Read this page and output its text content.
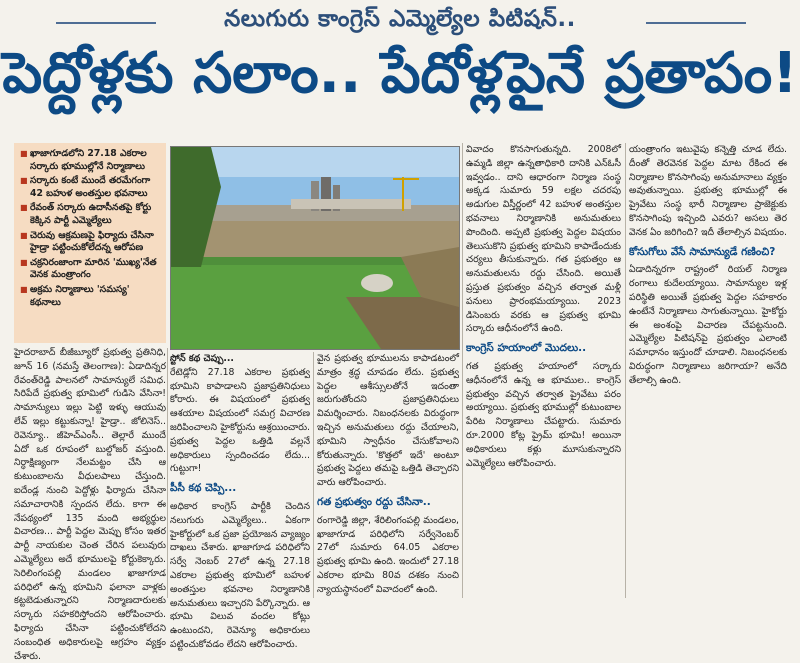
నలుగురు కాంగ్రెస్ ఎమ్మెల్యేల పిటిషన్..
పెద్దోళ్లకు సలాం.. పేదోళ్లపైనే ప్రతాపం!
■ ఖాజాగూడలోని 27.18 ఎకరాల సర్కారు భూముల్లోనే నిర్మాణాలు
■ సర్కారు కంటే ముందే తరమేగంగా 42 బహుళ అంతస్తుల భవనాలు
■ రేవంత్ సర్కారు ఉదాసీనతపై కోర్టు కెక్కిన పార్టీ ఎమ్మెల్యేలు
■ చెరువు ఆక్రమణపై ఫిర్యాదు చేసినా హైడ్రా పట్టించుకోలేదన్న ఆరోపణ
■ చక్రనిరంజాంగా మారిన 'ముఖ్య'నేత వెనక మంత్రాంగం
■ అక్రమ నిర్మాణాలు 'సమస్య' కథనాలు
హైదరాబాద్ బీజీబ్యూరో ప్రభుత్వ ప్రతినిధి, జూన్ 16 (నమస్తే తెలంగాణ): ఏడాదిన్నర రేవంత్‌రెడ్డి పాలనలో సామాన్యులే సమిధ. సిరిపేదే ప్రభుత్వ భూమిలో గుడిసె వేసినా! సామాన్యులు ఇల్లు పెట్టి ఇళ్ళు ఆయువు లేవ్ ఇల్లు కట్టుకున్నా! హైడ్రా.. జోలినెస్.. రెవెన్యూ.. జీహెచ్ఎంసీ.. తెల్లారే ముందే ఏదో ఒక రూపంలో బుల్డోజర్ వస్తుంది. నిర్ధాక్షిణ్యంగా నేలమట్టం చేసి ఆ కుటుంబాలను వీధులపాలు చేస్తుంది. ఐదేండ్ల నుంచి పెద్దోళ్లు ఫిర్యాదు చేసినా సమాచారానికి స్పందన లేదు. కాగా ఈ నేపథ్యంలో 135 మంది అభ్యర్థుల విచారణ... పార్టీ పెద్దల మెప్పు కోసం ఇతర పార్టీ నాయకుల చెంత చేరిన పలువురు ఎమ్మెల్యేలు అదే భూములపై కోర్టుకెక్కారు. సెరిలింగంపల్లి మండలం ఖాజాగూడ పరిధిలో ఉన్న భూమిని ఫలానా వాళ్లకు కట్టబెడుతున్నారని నిర్మాణదారులకు సర్కారు సహకరిస్తోందని ఆరోపించారు. ఫిర్యాదు చేసినా పట్టించుకోలేదని సంబంధిత అధికారులపై ఆగ్రహం వ్యక్తం చేశారు.
స్టోన్ కథ చెప్పు...
రేటెడ్లోని 27.18 ఎకరాల ప్రభుత్వ భూమిని కాపాడాలని ప్రజాప్రతినిధులు కోరారు. ఈ విషయంలో ప్రభుత్వ ఆశయాల విషయంలో సమగ్ర విచారణ జరిపించాలని హైకోర్టును ఆశ్రయించారు. ప్రభుత్వ పెద్దల ఒత్తిడి వల్లనే అధికారులు స్పందించడం లేదు... గుట్టుగా!
పీసీ కథ చెప్పి...
అధికార కాంగ్రెస్ పార్టీకి చెందిన నలుగురు ఎమ్మెల్యేలు.. ఏకంగా హైకోర్టులో ఒక ప్రజా ప్రయోజన వ్యాజ్యం దాఖలు చేశారు. ఖాజాగూడ పరిధిలోని సర్వే నెంబర్ 27లో ఉన్న 27.18 ఎకరాల ప్రభుత్వ భూమిలో బహుళ అంతస్తుల భవనాల నిర్మాణానికి అనుమతులు ఇచ్చారని పేర్కొన్నారు. ఆ భూమి విలువ వందల కోట్లు ఉంటుందని, రెవెన్యూ అధికారులు పట్టించుకోవడం లేదని ఆరోపించారు.
వైన ప్రభుత్వ భూములను కాపాడటంలో మాత్రం శ్రద్ధ చూపడం లేదు. ప్రభుత్వ పెద్దల ఆశీస్సులతోనే ఇదంతా జరుగుతోందని ప్రజాప్రతినిధులు విమర్శించారు. నిబంధనలకు విరుద్ధంగా ఇచ్చిన అనుమతులు రద్దు చేయాలని, భూమిని స్వాధీనం చేసుకోవాలని కోరుతున్నారు. 'కొత్తలో ఇదే' అంటూ ప్రభుత్వ పెద్దలు తమపై ఒత్తిడి తెచ్చారని వారు ఆరోపించారు.
గత ప్రభుత్వం రద్దు చేసినా..
రంగారెడ్డి జిల్లా, శేరిలింగంపల్లి మండలం, ఖాజాగూడ పరిధిలోని సర్వేనెంబర్ 27లో సుమారు 64.05 ఎకరాల ప్రభుత్వ భూమి ఉంది. ఇందులో 27.18 ఎకరాల భూమి 80వ దశకం నుంచి న్యాయస్థానంలో వివాదంలో ఉంది.
వివాదం కొనసాగుతున్నది. 2008లో ఉమ్మడి జిల్లా ఉన్నతాధికారి దానికి ఎన్ఓసీ ఇవ్వడం.. దాని ఆధారంగా నిర్మాణ సంస్థ అక్కడ సుమారు 59 లక్షల చదరపు అడుగుల విస్తీర్ణంలో 42 బహుళ అంతస్తుల భవనాలు నిర్మాణానికి అనుమతులు పొందింది. అప్పటి ప్రభుత్వ పెద్దల విషయం తెలుసుకొని ప్రభుత్వ భూమిని కాపాడేందుకు చర్యలు తీసుకున్నారు. గత ప్రభుత్వం ఆ అనుమతులను రద్దు చేసింది. అయితే ప్రస్తుత ప్రభుత్వం వచ్చిన తర్వాత మళ్లీ పనులు ప్రారంభమయ్యాయి. 2023 డిసెంబరు వరకు ఆ ప్రభుత్వ భూమి సర్కారు ఆధీనంలోనే ఉంది.
కాంగ్రెస్ హయాంలో మొదలు..
గత ప్రభుత్వ హయాంలో సర్కారు ఆధీనంలోనే ఉన్న ఆ భూముల.. కాంగ్రెస్ ప్రభుత్వం వచ్చిన తర్వాత ప్రైవేటు పరం అయ్యాయి. ప్రభుత్వ భూముల్లో కుటుంబాల పేరిట నిర్మాణాలు చేపట్టారు. సుమారు రూ.2000 కోట్ల ప్రైమ్ భూమి! అయినా అధికారులు కళ్లు మూసుకున్నారని ఎమ్మెల్యేలు ఆరోపించారు.
యంత్రాంగం ఇటువైపు కన్నెత్తి చూడ లేదు. దీంతో తెరవెనక పెద్దల మాట రేకింద ఈ నిర్మాణాల కొనసాగింపు అనుమానాలు వ్యక్తం అవుతున్నాయి. ప్రభుత్వ భూముల్లో ఈ ప్రైవేటు సంస్థ భారీ నిర్మాణాల ప్రాజెక్టుకు కొనసాగింపు ఇచ్చింది ఎవరు? అసలు తెర వెనక ఏం జరిగింది? ఇదీ తేలాల్సిన విషయం.
కోసుగోలు వేసే సామాన్యుడే గణించి?
ఏడాదిన్నరగా రాష్ట్రంలో రియల్ నిర్మాణ రంగాలు కుదేలయ్యాయి. సామాన్యుల ఇళ్ల పరిస్థితి అయితే ప్రభుత్వ పెద్దల సహకారం ఉంటేనే నిర్మాణాలు సాగుతున్నాయి. హైకోర్టు ఈ అంశంపై విచారణ చేపట్టనుంది. ఎమ్మెల్యేల పిటిషన్‌పై ప్రభుత్వం ఎలాంటి సమాధానం ఇస్తుందో చూడాలి. నిబంధనలకు విరుద్ధంగా నిర్మాణాలు జరిగాయా? అనేది తేలాల్సి ఉంది.
